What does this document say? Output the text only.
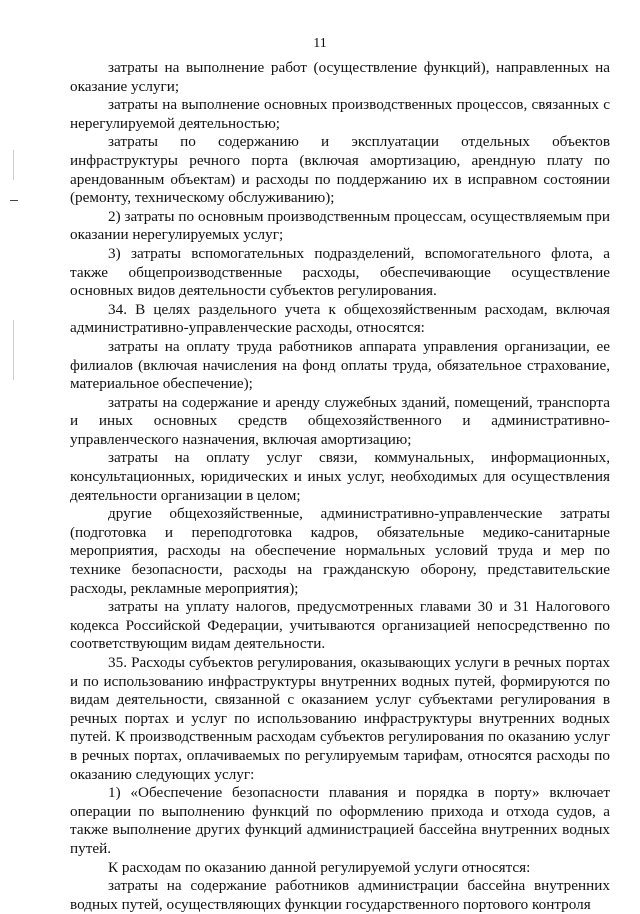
11

затраты на выполнение работ (осуществление функций), направленных на оказание услуги;

затраты на выполнение основных производственных процессов, связанных с нерегулируемой деятельностью;

затраты по содержанию и эксплуатации отдельных объектов инфраструктуры речного порта (включая амортизацию, арендную плату по арендованным объектам) и расходы по поддержанию их в исправном состоянии (ремонту, техническому обслуживанию);

2) затраты по основным производственным процессам, осуществляемым при оказании нерегулируемых услуг;

3) затраты вспомогательных подразделений, вспомогательного флота, а также общепроизводственные расходы, обеспечивающие осуществление основных видов деятельности субъектов регулирования.

34. В целях раздельного учета к общехозяйственным расходам, включая административно-управленческие расходы, относятся:

затраты на оплату труда работников аппарата управления организации, ее филиалов (включая начисления на фонд оплаты труда, обязательное страхование, материальное обеспечение);

затраты на содержание и аренду служебных зданий, помещений, транспорта и иных основных средств общехозяйственного и административно-управленческого назначения, включая амортизацию;

затраты на оплату услуг связи, коммунальных, информационных, консультационных, юридических и иных услуг, необходимых для осуществления деятельности организации в целом;

другие общехозяйственные, административно-управленческие затраты (подготовка и переподготовка кадров, обязательные медико-санитарные мероприятия, расходы на обеспечение нормальных условий труда и мер по технике безопасности, расходы на гражданскую оборону, представительские расходы, рекламные мероприятия);

затраты на уплату налогов, предусмотренных главами 30 и 31 Налогового кодекса Российской Федерации, учитываются организацией непосредственно по соответствующим видам деятельности.

35. Расходы субъектов регулирования, оказывающих услуги в речных портах и по использованию инфраструктуры внутренних водных путей, формируются по видам деятельности, связанной с оказанием услуг субъектами регулирования в речных портах и услуг по использованию инфраструктуры внутренних водных путей. К производственным расходам субъектов регулирования по оказанию услуг в речных портах, оплачиваемых по регулируемым тарифам, относятся расходы по оказанию следующих услуг:

1) «Обеспечение безопасности плавания и порядка в порту» включает операции по выполнению функций по оформлению прихода и отхода судов, а также выполнение других функций администрацией бассейна внутренних водных путей.

К расходам по оказанию данной регулируемой услуги относятся:

затраты на содержание работников администрации бассейна внутренних водных путей, осуществляющих функции государственного портового контроля
